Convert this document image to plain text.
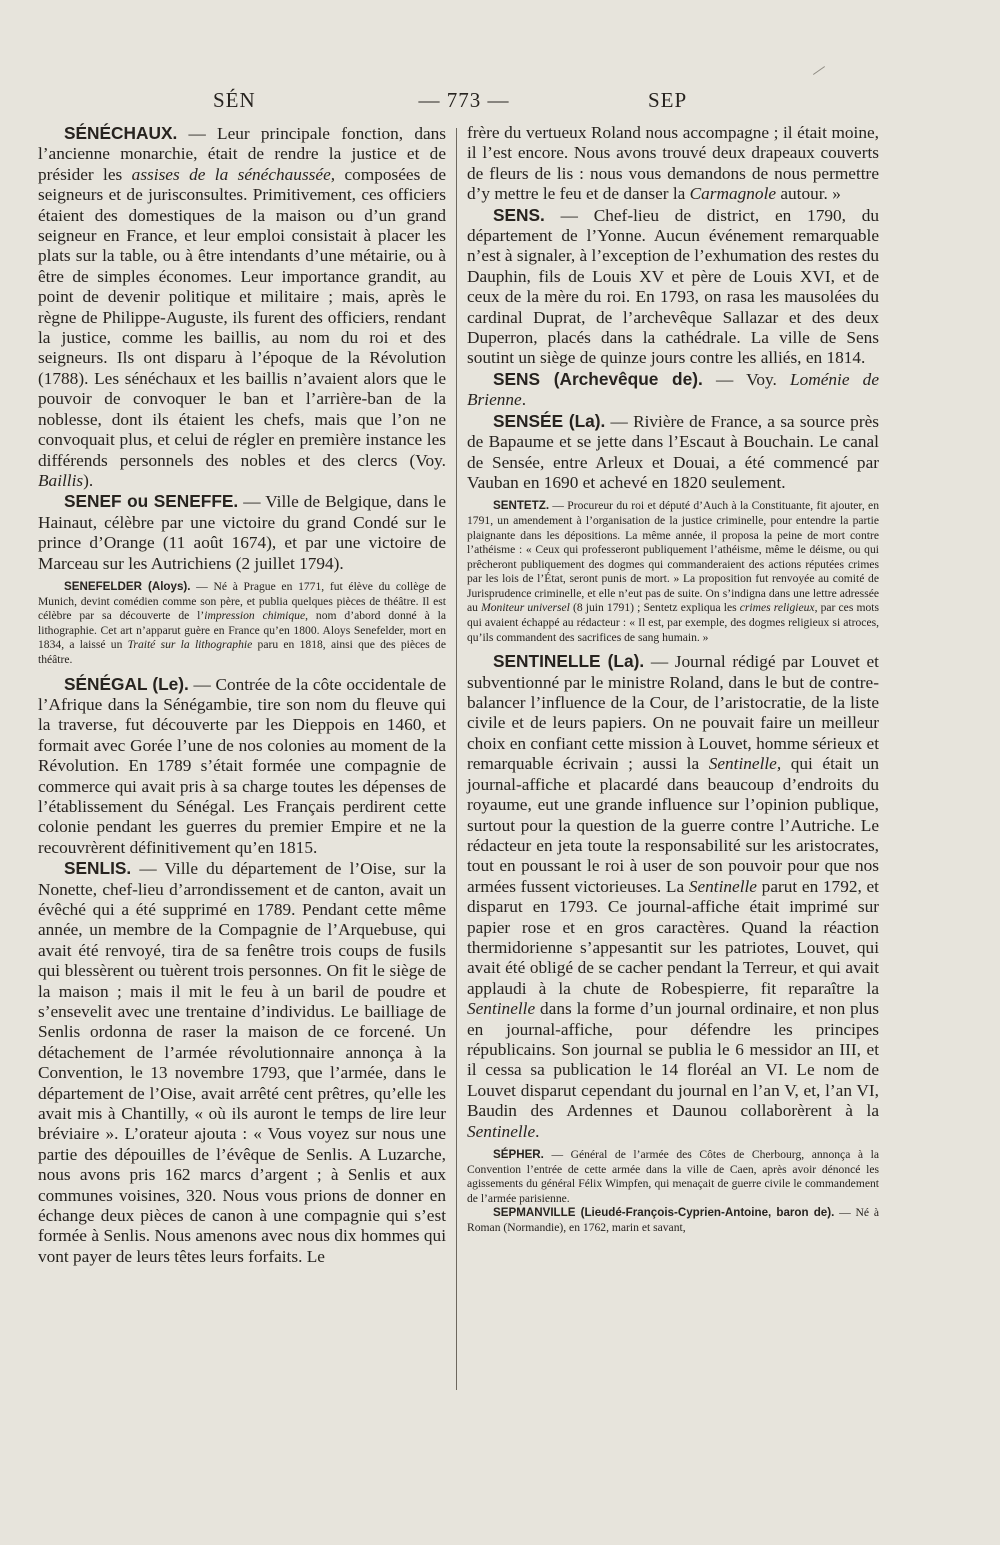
SÉN	— 773 —	SEP

SÉNÉCHAUX. — Leur principale fonction, dans l’ancienne monarchie, était de rendre la justice et de présider les assises de la sénéchaussée, composées de seigneurs et de jurisconsultes. Primitivement, ces officiers étaient des domestiques de la maison ou d’un grand seigneur en France, et leur emploi consistait à placer les plats sur la table, ou à être intendants d’une métairie, ou à être de simples économes. Leur importance grandit, au point de devenir politique et militaire ; mais, après le règne de Philippe-Auguste, ils furent des officiers, rendant la justice, comme les baillis, au nom du roi et des seigneurs. Ils ont disparu à l’époque de la Révolution (1788). Les sénéchaux et les baillis n’avaient alors que le pouvoir de convoquer le ban et l’arrière-ban de la noblesse, dont ils étaient les chefs, mais que l’on ne convoquait plus, et celui de régler en première instance les différends personnels des nobles et des clercs (Voy. Baillis).

SENEF ou SENEFFE. — Ville de Belgique, dans le Hainaut, célèbre par une victoire du grand Condé sur le prince d’Orange (11 août 1674), et par une victoire de Marceau sur les Autrichiens (2 juillet 1794).

SENEFELDER (Aloys). — Né à Prague en 1771, fut élève du collège de Munich, devint comédien comme son père, et publia quelques pièces de théâtre. Il est célèbre par sa découverte de l’impression chimique, nom d’abord donné à la lithographie. Cet art n’apparut guère en France qu’en 1800. Aloys Senefelder, mort en 1834, a laissé un Traité sur la lithographie paru en 1818, ainsi que des pièces de théâtre.

SÉNÉGAL (Le). — Contrée de la côte occidentale de l’Afrique dans la Sénégambie, tire son nom du fleuve qui la traverse, fut découverte par les Dieppois en 1460, et formait avec Gorée l’une de nos colonies au moment de la Révolution. En 1789 s’était formée une compagnie de commerce qui avait pris à sa charge toutes les dépenses de l’établissement du Sénégal. Les Français perdirent cette colonie pendant les guerres du premier Empire et ne la recouvrèrent définitivement qu’en 1815.

SENLIS. — Ville du département de l’Oise, sur la Nonette, chef-lieu d’arrondissement et de canton, avait un évêché qui a été supprimé en 1789. Pendant cette même année, un membre de la Compagnie de l’Arquebuse, qui avait été renvoyé, tira de sa fenêtre trois coups de fusils qui blessèrent ou tuèrent trois personnes. On fit le siège de la maison ; mais il mit le feu à un baril de poudre et s’ensevelit avec une trentaine d’individus. Le bailliage de Senlis ordonna de raser la maison de ce forcené. Un détachement de l’armée révolutionnaire annonça à la Convention, le 13 novembre 1793, que l’armée, dans le département de l’Oise, avait arrêté cent prêtres, qu’elle les avait mis à Chantilly, « où ils auront le temps de lire leur bréviaire ». L’orateur ajouta : « Vous voyez sur nous une partie des dépouilles de l’évêque de Senlis. A Luzarche, nous avons pris 162 marcs d’argent ; à Senlis et aux communes voisines, 320. Nous vous prions de donner en échange deux pièces de canon à une compagnie qui s’est formée à Senlis. Nous amenons avec nous dix hommes qui vont payer de leurs têtes leurs forfaits. Le

frère du vertueux Roland nous accompagne ; il était moine, il l’est encore. Nous avons trouvé deux drapeaux couverts de fleurs de lis : nous vous demandons de nous permettre d’y mettre le feu et de danser la Carmagnole autour. »

SENS. — Chef-lieu de district, en 1790, du département de l’Yonne. Aucun événement remarquable n’est à signaler, à l’exception de l’exhumation des restes du Dauphin, fils de Louis XV et père de Louis XVI, et de ceux de la mère du roi. En 1793, on rasa les mausolées du cardinal Duprat, de l’archevêque Sallazar et des deux Duperron, placés dans la cathédrale. La ville de Sens soutint un siège de quinze jours contre les alliés, en 1814.

SENS (Archevêque de). — Voy. Loménie de Brienne.

SENSÉE (La). — Rivière de France, a sa source près de Bapaume et se jette dans l’Escaut à Bouchain. Le canal de Sensée, entre Arleux et Douai, a été commencé par Vauban en 1690 et achevé en 1820 seulement.

SENTETZ. — Procureur du roi et député d’Auch à la Constituante, fit ajouter, en 1791, un amendement à l’organisation de la justice criminelle, pour entendre la partie plaignante dans les dépositions. La même année, il proposa la peine de mort contre l’athéisme : « Ceux qui professeront publiquement l’athéisme, même le déisme, ou qui prêcheront publiquement des dogmes qui commanderaient des actions réputées crimes par les lois de l’État, seront punis de mort. » La proposition fut renvoyée au comité de Jurisprudence criminelle, et elle n’eut pas de suite. On s’indigna dans une lettre adressée au Moniteur universel (8 juin 1791) ; Sentetz expliqua les crimes religieux, par ces mots qui avaient échappé au rédacteur : « Il est, par exemple, des dogmes religieux si atroces, qu’ils commandent des sacrifices de sang humain. »

SENTINELLE (La). — Journal rédigé par Louvet et subventionné par le ministre Roland, dans le but de contre-balancer l’influence de la Cour, de l’aristocratie, de la liste civile et de leurs papiers. On ne pouvait faire un meilleur choix en confiant cette mission à Louvet, homme sérieux et remarquable écrivain ; aussi la Sentinelle, qui était un journal-affiche et placardé dans beaucoup d’endroits du royaume, eut une grande influence sur l’opinion publique, surtout pour la question de la guerre contre l’Autriche. Le rédacteur en jeta toute la responsabilité sur les aristocrates, tout en poussant le roi à user de son pouvoir pour que nos armées fussent victorieuses. La Sentinelle parut en 1792, et disparut en 1793. Ce journal-affiche était imprimé sur papier rose et en gros caractères. Quand la réaction thermidorienne s’appesantit sur les patriotes, Louvet, qui avait été obligé de se cacher pendant la Terreur, et qui avait applaudi à la chute de Robespierre, fit reparaître la Sentinelle dans la forme d’un journal ordinaire, et non plus en journal-affiche, pour défendre les principes républicains. Son journal se publia le 6 messidor an III, et il cessa sa publication le 14 floréal an VI. Le nom de Louvet disparut cependant du journal en l’an V, et, l’an VI, Baudin des Ardennes et Daunou collaborèrent à la Sentinelle.

SÉPHER. — Général de l’armée des Côtes de Cherbourg, annonça à la Convention l’entrée de cette armée dans la ville de Caen, après avoir dénoncé les agissements du général Félix Wimpfen, qui menaçait de guerre civile le commandement de l’armée parisienne.

SEPMANVILLE (Lieudé-François-Cyprien-Antoine, baron de). — Né à Roman (Normandie), en 1762, marin et savant,
